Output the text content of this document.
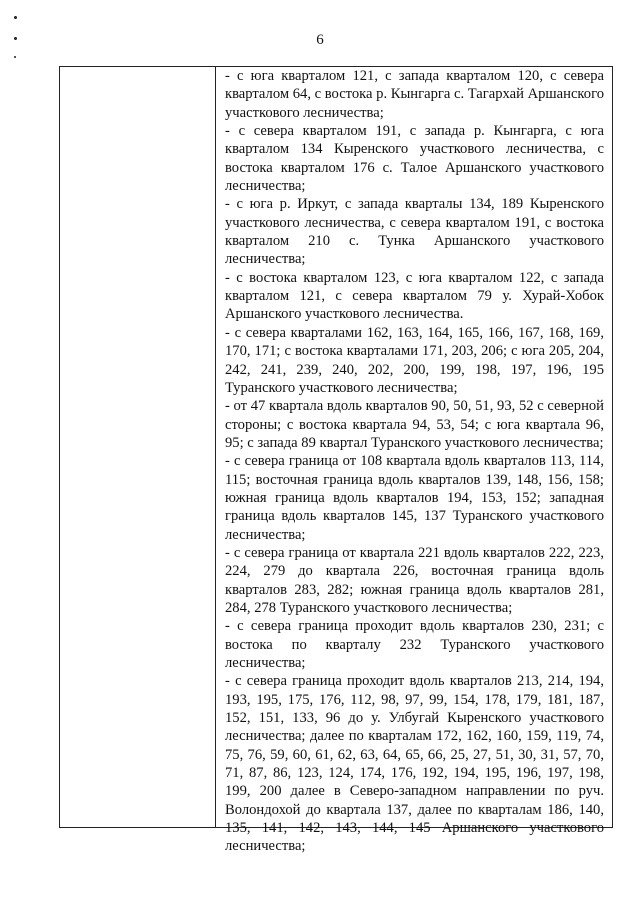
6

- с юга кварталом 121, с запада кварталом 120, с севера кварталом 64, с востока р. Кынгарга с. Тагархай Аршанского участкового лесничества;

- с севера кварталом 191, с запада р. Кынгарга, с юга кварталом 134 Кыренского участкового лесничества, с востока кварталом 176 с. Талое Аршанского участкового лесничества;

- с юга р. Иркут, с запада кварталы 134, 189 Кыренского участкового лесничества, с севера кварталом 191, с востока кварталом 210 с. Тунка Аршанского участкового лесничества;

- с востока кварталом 123, с юга кварталом 122, с запада кварталом 121, с севера кварталом 79 у. Хурай-Хобок Аршанского участкового лесничества.

- с севера кварталами 162, 163, 164, 165, 166, 167, 168, 169, 170, 171; с востока кварталами 171, 203, 206; с юга 205, 204, 242, 241, 239, 240, 202, 200, 199, 198, 197, 196, 195 Туранского участкового лесничества;

- от 47 квартала вдоль кварталов 90, 50, 51, 93, 52 с северной стороны; с востока квартала 94, 53, 54; с юга квартала 96, 95; с запада 89 квартал Туранского участкового лесничества;

- с севера граница от 108 квартала вдоль кварталов 113, 114, 115; восточная граница вдоль кварталов 139, 148, 156, 158; южная граница вдоль кварталов 194, 153, 152; западная граница вдоль кварталов 145, 137 Туранского участкового лесничества;

- с севера граница от квартала 221 вдоль кварталов 222, 223, 224, 279 до квартала 226, восточная граница вдоль кварталов 283, 282; южная граница вдоль кварталов 281, 284, 278 Туранского участкового лесничества;

- с севера граница проходит вдоль кварталов 230, 231; с востока по кварталу 232 Туранского участкового лесничества;

- с севера граница проходит вдоль кварталов 213, 214, 194, 193, 195, 175, 176, 112, 98, 97, 99, 154, 178, 179, 181, 187, 152, 151, 133, 96 до у. Улбугай Кыренского участкового лесничества; далее по кварталам 172, 162, 160, 159, 119, 74, 75, 76, 59, 60, 61, 62, 63, 64, 65, 66, 25, 27, 51, 30, 31, 57, 70, 71, 87, 86, 123, 124, 174, 176, 192, 194, 195, 196, 197, 198, 199, 200 далее в Северо-западном направлении по руч. Волондохой до квартала 137, далее по кварталам 186, 140, 135, 141, 142, 143, 144, 145 Аршанского участкового лесничества;
